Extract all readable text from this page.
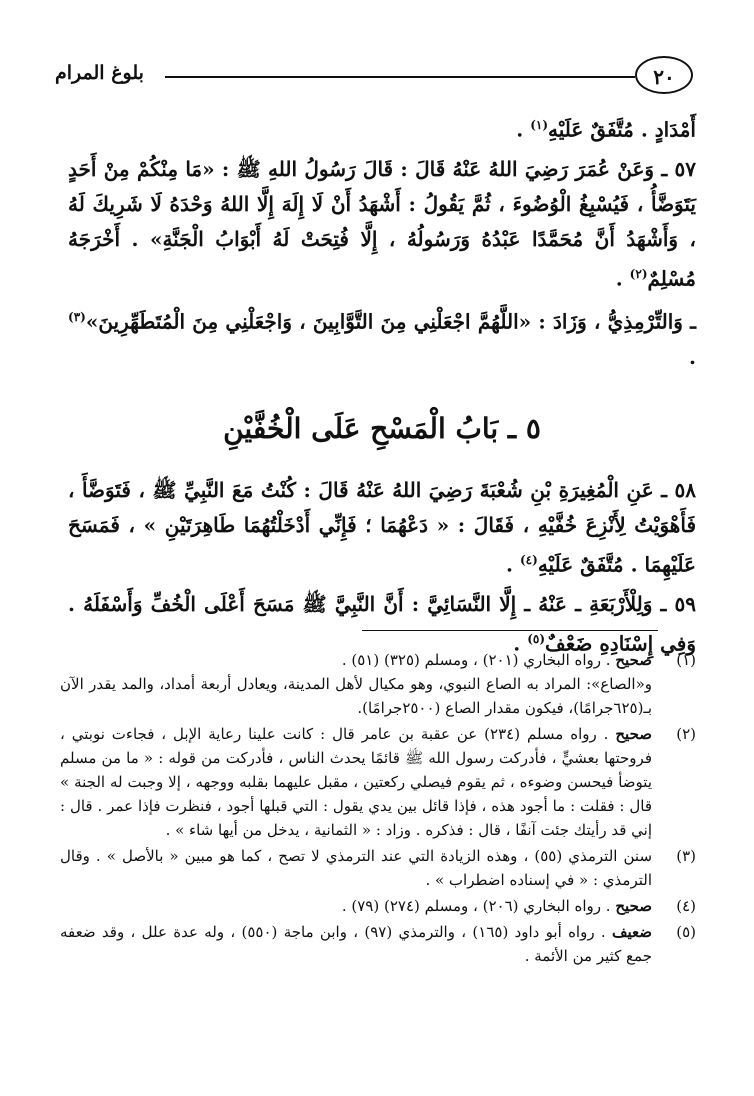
بلوغ المرام	٢٠

أَمْدَادٍ . مُتَّفَقٌ عَلَيْهِ$^{(١)}$ .

٥٧ ـ وَعَنْ عُمَرَ رَضِيَ اللهُ عَنْهُ قَالَ : قَالَ رَسُولُ اللهِ ﷺ : «مَا مِنْكُمْ مِنْ أَحَدٍ يَتَوَضَّأُ ، فَيُسْبِغُ الْوُضُوءَ ، ثُمَّ يَقُولُ : أَشْهَدُ أَنْ لَا إِلَهَ إِلَّا اللهُ وَحْدَهُ لَا شَرِيكَ لَهُ ، وَأَشْهَدُ أَنَّ مُحَمَّدًا عَبْدُهُ وَرَسُولُهُ ، إِلَّا فُتِحَتْ لَهُ أَبْوَابُ الْجَنَّةِ» . أَخْرَجَهُ مُسْلِمٌ$^{(٢)}$ .

ـ وَالتِّرْمِذِيُّ ، وَزَادَ : «اللَّهُمَّ اجْعَلْنِي مِنَ التَّوَّابِينَ ، وَاجْعَلْنِي مِنَ الْمُتَطَهِّرِينَ»$^{(٣)}$ .

٥ ـ بَابُ الْمَسْحِ عَلَى الْخُفَّيْنِ

٥٨ ـ عَنِ الْمُغِيرَةِ بْنِ شُعْبَةَ رَضِيَ اللهُ عَنْهُ قَالَ : كُنْتُ مَعَ النَّبِيِّ ﷺ ، فَتَوَضَّأَ ، فَأَهْوَيْتُ لِأَنْزِعَ خُفَّيْهِ ، فَقَالَ : « دَعْهُمَا ؛ فَإِنِّي أَدْخَلْتُهُمَا طَاهِرَتَيْنِ » ، فَمَسَحَ عَلَيْهِمَا . مُتَّفَقٌ عَلَيْهِ$^{(٤)}$ .

٥٩ ـ وَلِلْأَرْبَعَةِ ـ عَنْهُ ـ إِلَّا النَّسَائِيَّ : أَنَّ النَّبِيَّ ﷺ مَسَحَ أَعْلَى الْخُفِّ وَأَسْفَلَهُ . وَفِي إِسْنَادِهِ ضَعْفٌ$^{(٥)}$ .

(١)
صحيح . رواه البخاري (٢٠١) ، ومسلم (٣٢٥) (٥١) .
و«الصاع»: المراد به الصاع النبوي، وهو مكيال لأهل المدينة، ويعادل أربعة أمداد، والمد يقدر الآن بـ(٦٢٥جرامًا)، فيكون مقدار الصاع (٢٥٠٠جرامًا).
(٢)
صحيح . رواه مسلم (٢٣٤) عن عقبة بن عامر قال : كانت علينا رعاية الإبل ، فجاءت نوبتي ، فروحتها بعشيٍّ ، فأدركت رسول الله ﷺ قائمًا يحدث الناس ، فأدركت من قوله : « ما من مسلم يتوضأ فيحسن وضوءه ، ثم يقوم فيصلي ركعتين ، مقبل عليهما بقلبه ووجهه ، إلا وجبت له الجنة » قال : فقلت : ما أجود هذه ، فإذا قائل بين يدي يقول : التي قبلها أجود ، فنظرت فإذا عمر . قال : إني قد رأيتك جئت آنفًا ، قال : فذكره . وزاد : « الثمانية ، يدخل من أيها شاء » .
(٣)
سنن الترمذي (٥٥) ، وهذه الزيادة التي عند الترمذي لا تصح ، كما هو مبين « بالأصل » . وقال الترمذي : « في إسناده اضطراب » .
(٤)
صحيح . رواه البخاري (٢٠٦) ، ومسلم (٢٧٤) (٧٩) .
(٥)
ضعيف . رواه أبو داود (١٦٥) ، والترمذي (٩٧) ، وابن ماجة (٥٥٠) ، وله عدة علل ، وقد ضعفه جمع كثير من الأئمة .
